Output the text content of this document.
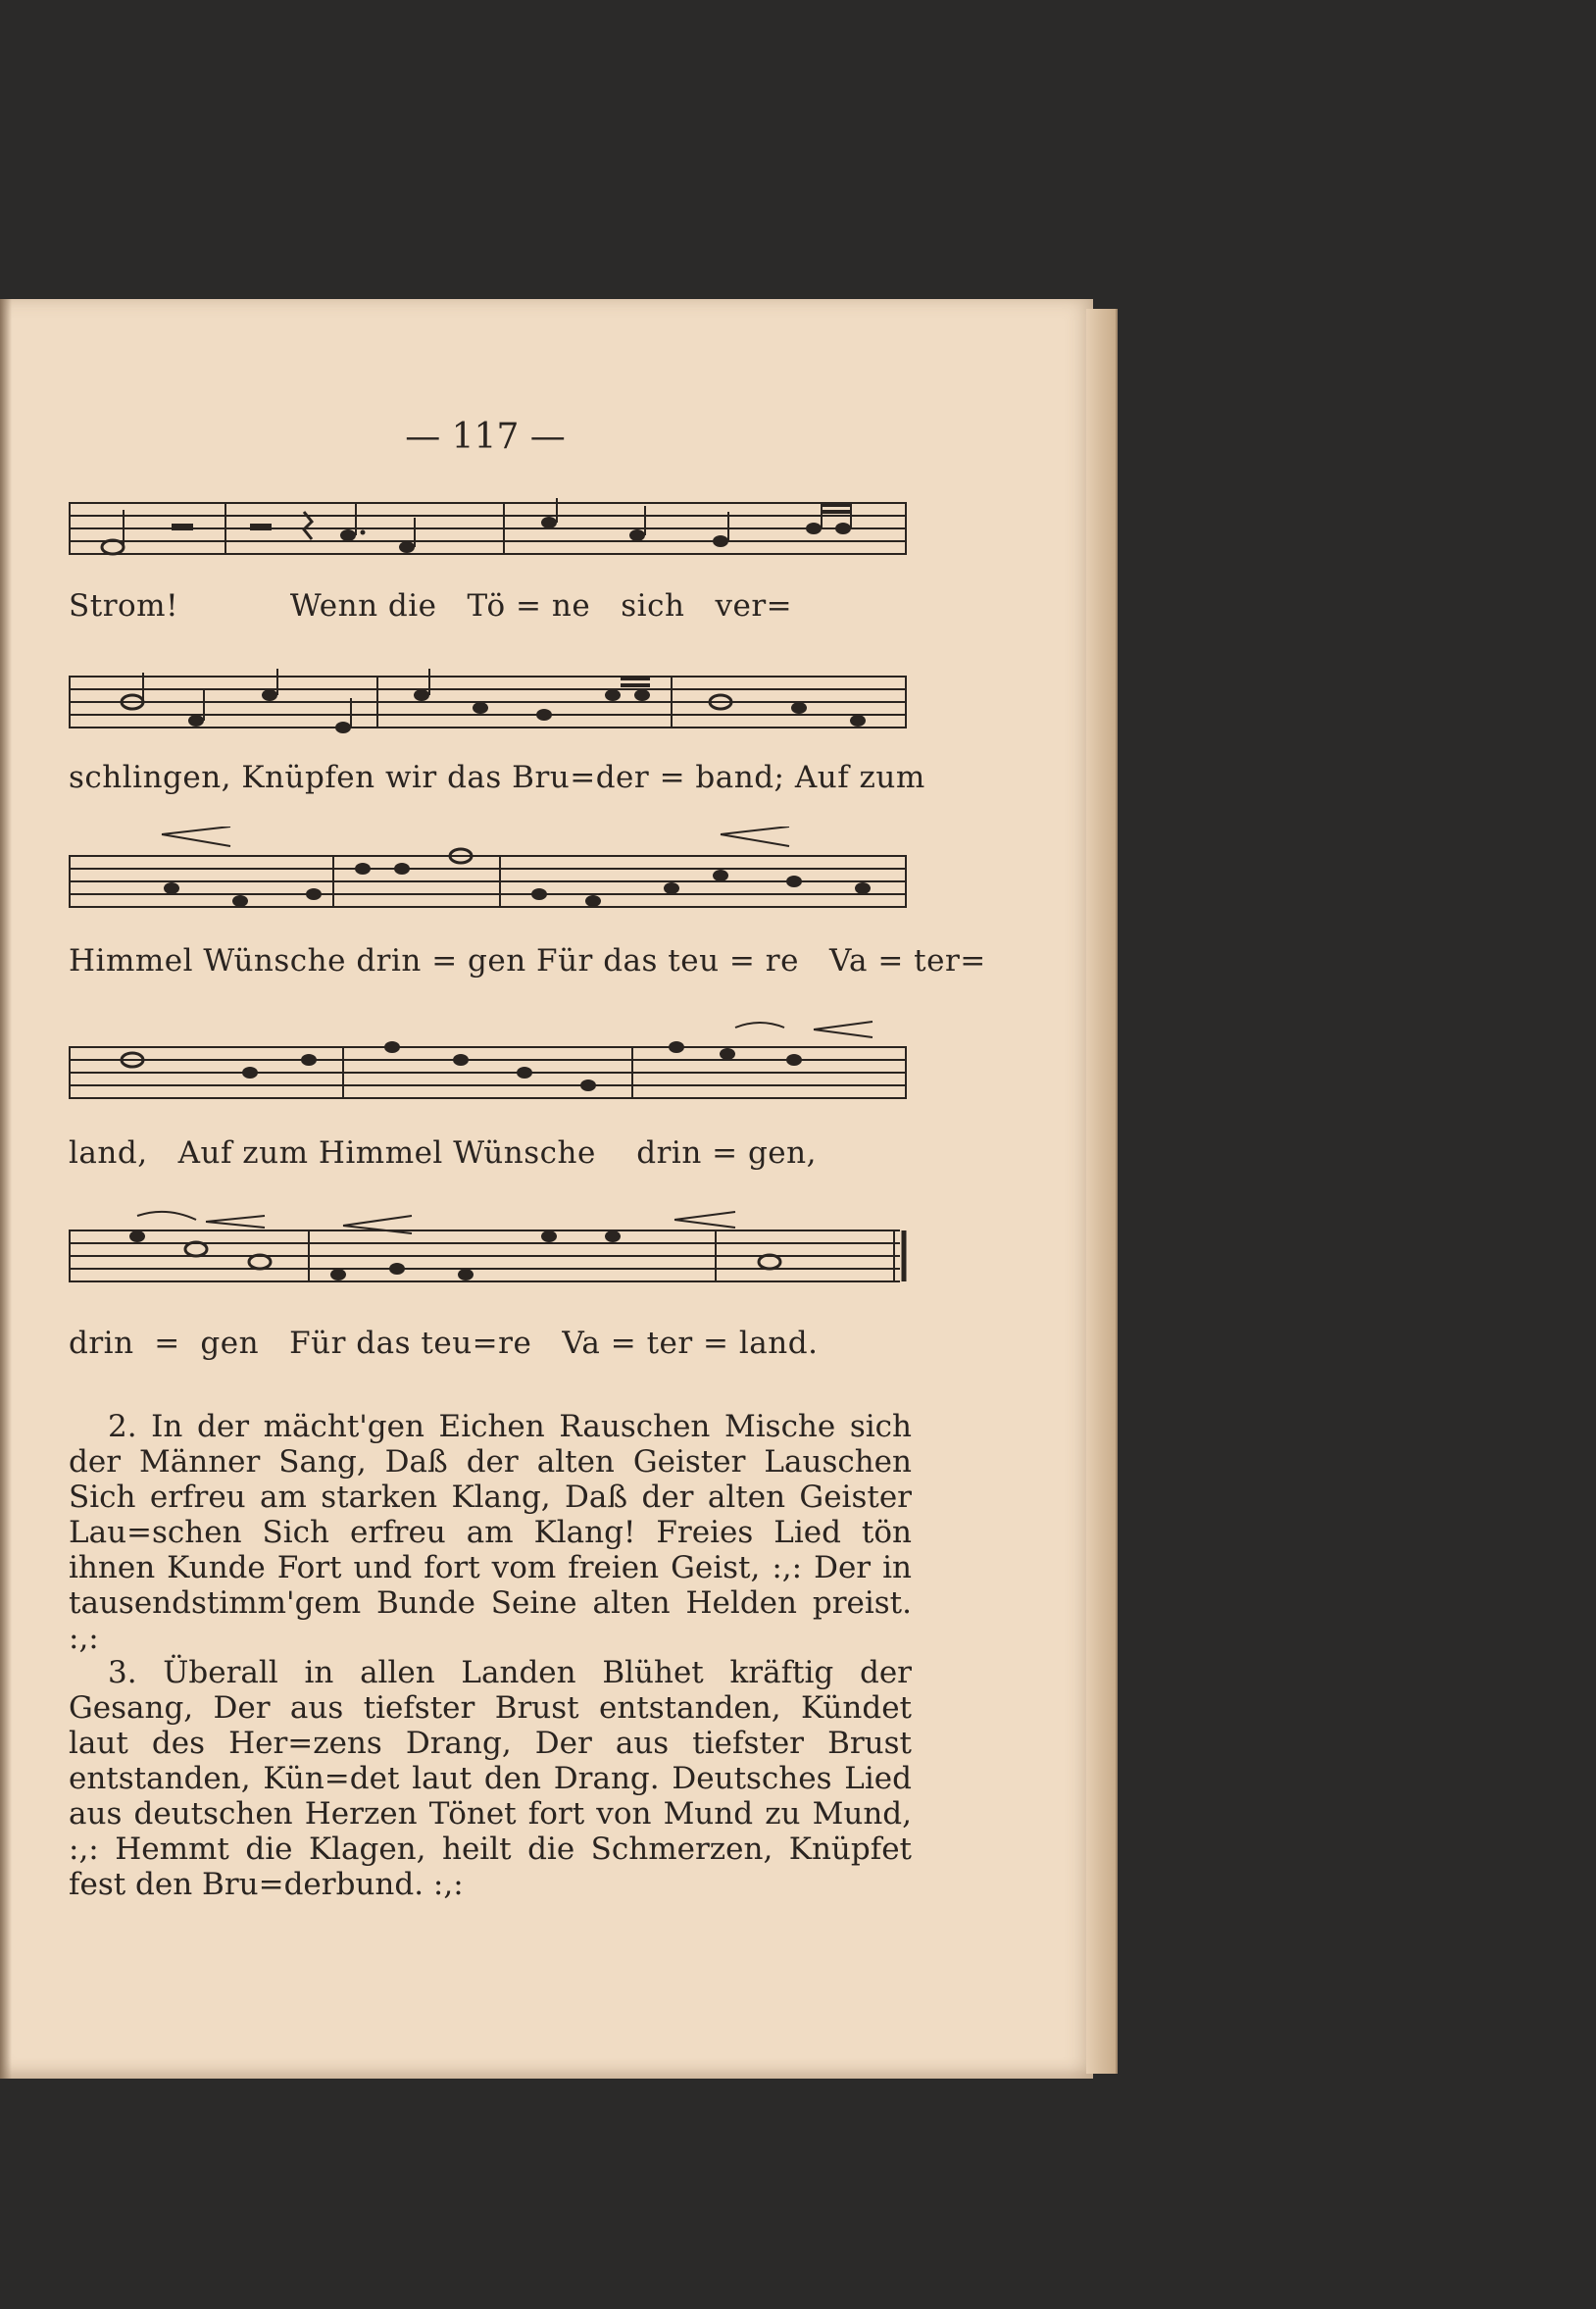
— 117 —
Strom!           Wenn die   Tö = ne   sich   ver=
schlingen, Knüpfen wir das Bru=der = band; Auf zum
Himmel Wünsche drin = gen Für das teu = re   Va = ter=
land,   Auf zum Himmel Wünsche    drin = gen,
drin  =  gen   Für das teu=re   Va = ter = land.
2. In der mächt'gen Eichen Rauschen Mische sich der Männer Sang, Daß der alten Geister Lauschen Sich erfreu am starken Klang, Daß der alten Geister Lau=schen Sich erfreu am Klang! Freies Lied tön ihnen Kunde Fort und fort vom freien Geist, :,: Der in tausendstimm'gem Bunde Seine alten Helden preist. :,:
3. Überall in allen Landen Blühet kräftig der Gesang, Der aus tiefster Brust entstanden, Kündet laut des Her=zens Drang, Der aus tiefster Brust entstanden, Kün=det laut den Drang. Deutsches Lied aus deutschen Herzen Tönet fort von Mund zu Mund, :,: Hemmt die Klagen, heilt die Schmerzen, Knüpfet fest den Bru=derbund. :,:
